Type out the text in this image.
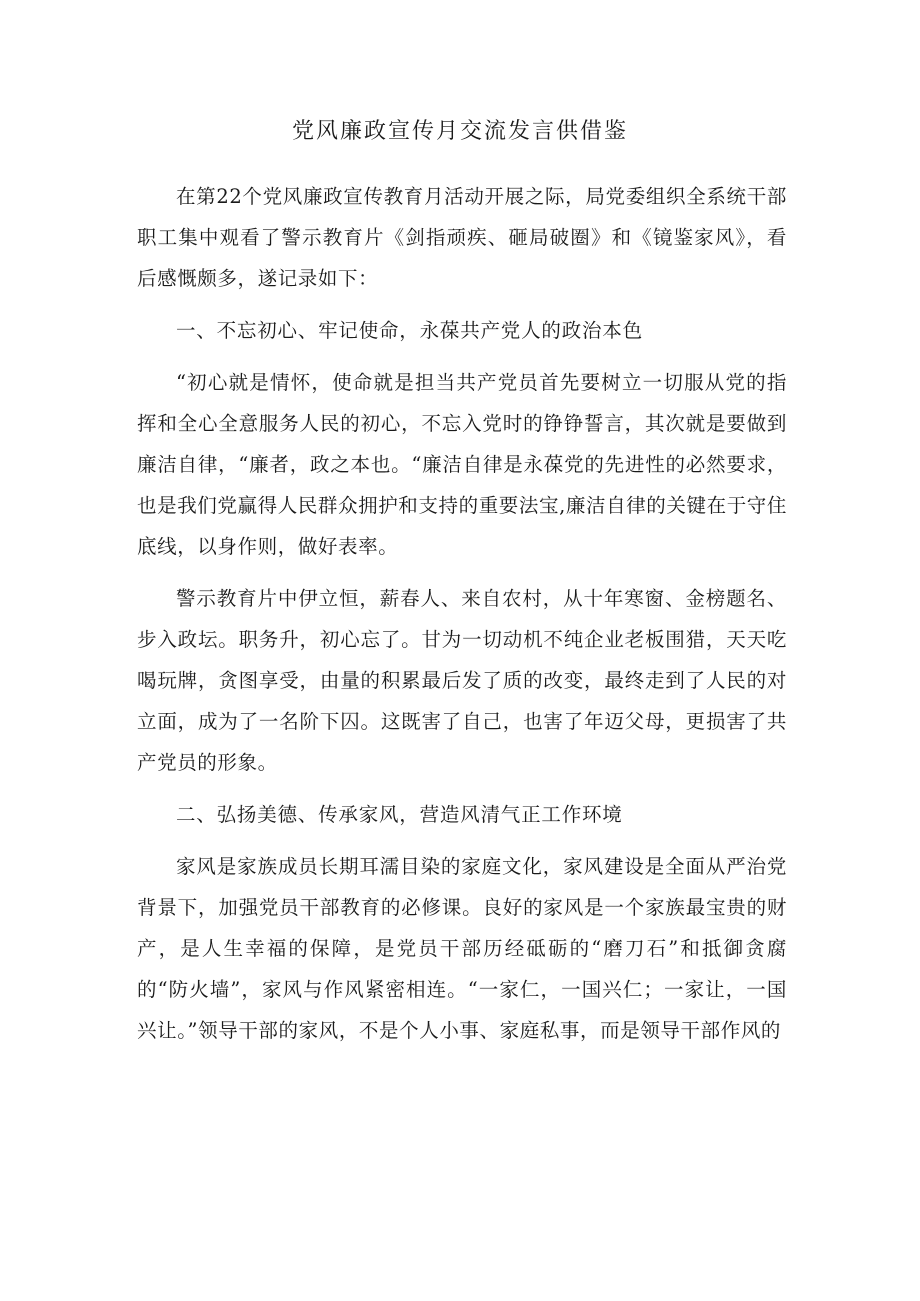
党风廉政宣传月交流发言供借鉴

在第22个党风廉政宣传教育月活动开展之际，局党委组织全系统干部职工集中观看了警示教育片《剑指顽疾、砸局破圈》和《镜鉴家风》，看后感慨颇多，遂记录如下：

一、不忘初心、牢记使命，永葆共产党人的政治本色

“初心就是情怀，使命就是担当共产党员首先要树立一切服从党的指挥和全心全意服务人民的初心，不忘入党时的铮铮誓言，其次就是要做到廉洁自律，“廉者，政之本也。“廉洁自律是永葆党的先进性的必然要求，也是我们党赢得人民群众拥护和支持的重要法宝,廉洁自律的关键在于守住底线，以身作则，做好表率。

警示教育片中伊立恒，薪春人、来自农村，从十年寒窗、金榜题名、步入政坛。职务升，初心忘了。甘为一切动机不纯企业老板围猎，天天吃喝玩牌，贪图享受，由量的积累最后发了质的改变，最终走到了人民的对立面，成为了一名阶下囚。这既害了自己，也害了年迈父母，更损害了共产党员的形象。

二、弘扬美德、传承家风，营造风清气正工作环境

家风是家族成员长期耳濡目染的家庭文化，家风建设是全面从严治党背景下，加强党员干部教育的必修课。良好的家风是一个家族最宝贵的财产，是人生幸福的保障，是党员干部历经砥砺的“磨刀石”和抵御贪腐的“防火墙”，家风与作风紧密相连。“一家仁，一国兴仁；一家让，一国兴让。”领导干部的家风，不是个人小事、家庭私事，而是领导干部作风的
